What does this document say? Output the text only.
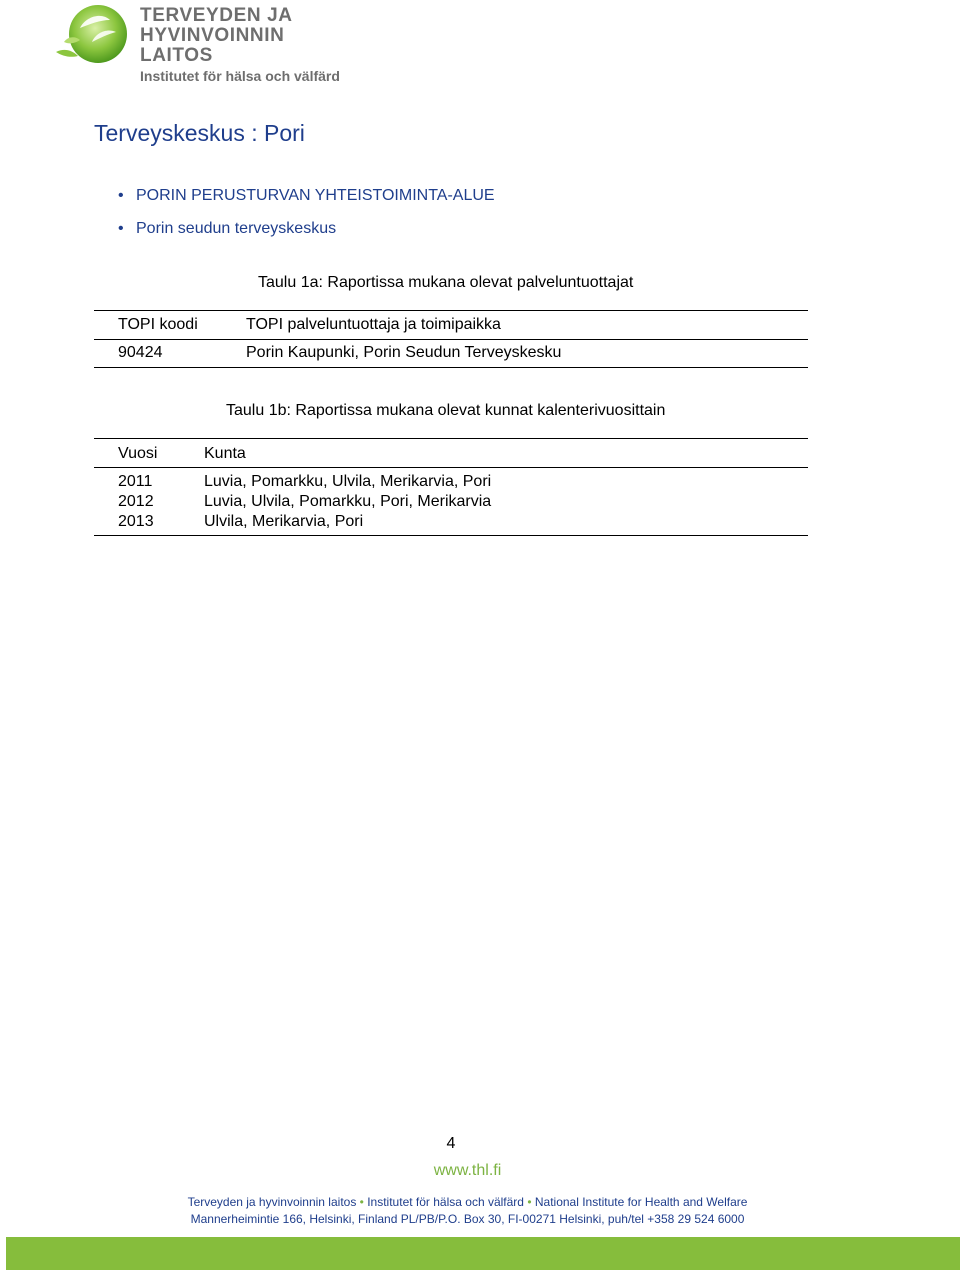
TERVEYDEN JA
HYVINVOINNIN LAITOS
Institutet för hälsa och välfärd
Terveyskeskus : Pori
• PORIN PERUSTURVAN YHTEISTOIMINTA-ALUE
• Porin seudun terveyskeskus
Taulu 1a: Raportissa mukana olevat palveluntuottajat
TOPI koodi	TOPI palveluntuottaja ja toimipaikka
90424	Porin Kaupunki, Porin Seudun Terveyskesku
Taulu 1b: Raportissa mukana olevat kunnat kalenterivuosittain
Vuosi	Kunta
2011	Luvia, Pomarkku, Ulvila, Merikarvia, Pori
2012	Luvia, Ulvila, Pomarkku, Pori, Merikarvia
2013	Ulvila, Merikarvia, Pori
4
www.thl.fi
Terveyden ja hyvinvoinnin laitos • Institutet för hälsa och välfärd • National Institute for Health and Welfare
Mannerheimintie 166, Helsinki, Finland PL/PB/P.O. Box 30, FI-00271 Helsinki, puh/tel +358 29 524 6000
